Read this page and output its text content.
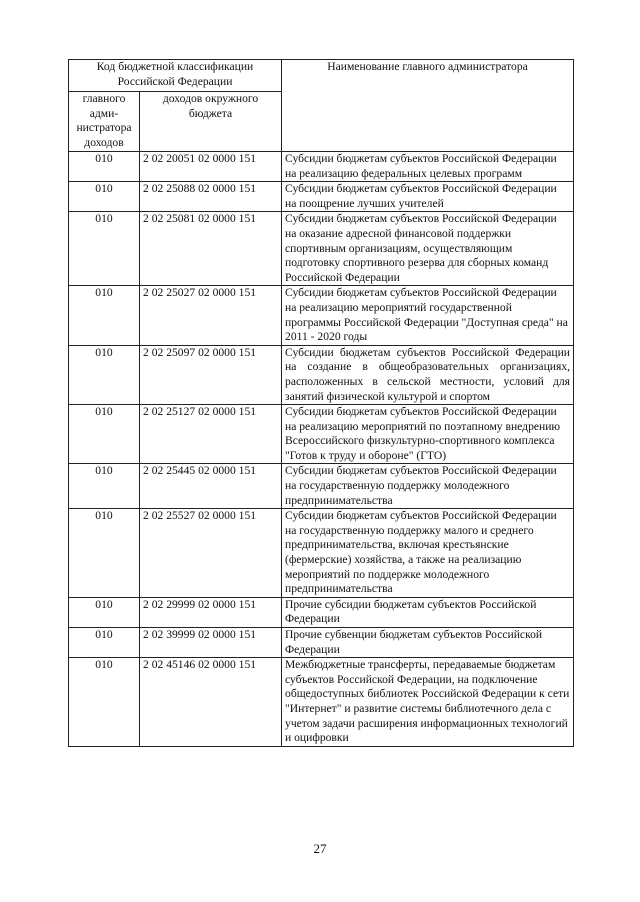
Код бюджетной классификации Российской Федерации		Наименование главного администратора
главного адми-нистратора доходов	доходов окружного бюджета	
010	2 02 20051 02 0000 151	Субсидии бюджетам субъектов Российской Федерации на реализацию федеральных целевых программ
010	2 02 25088 02 0000 151	Субсидии бюджетам субъектов Российской Федерации на поощрение лучших учителей
010	2 02 25081 02 0000 151	Субсидии бюджетам субъектов Российской Федерации на оказание адресной финансовой поддержки спортивным организациям, осуществляющим подготовку спортивного резерва для сборных команд Российской Федерации
010	2 02 25027 02 0000 151	Субсидии бюджетам субъектов Российской Федерации на реализацию мероприятий государственной программы Российской Федерации "Доступная среда" на 2011 - 2020 годы
010	2 02 25097 02 0000 151	Субсидии бюджетам субъектов Российской Федерации на создание в общеобразовательных организациях, расположенных в сельской местности, условий для занятий физической культурой и спортом
010	2 02 25127 02 0000 151	Субсидии бюджетам субъектов Российской Федерации на реализацию мероприятий по поэтапному внедрению Всероссийского физкультурно-спортивного комплекса "Готов к труду и обороне" (ГТО)
010	2 02 25445 02 0000 151	Субсидии бюджетам субъектов Российской Федерации на государственную поддержку молодежного предпринимательства
010	2 02 25527 02 0000 151	Субсидии бюджетам субъектов Российской Федерации на государственную поддержку малого и среднего предпринимательства, включая крестьянские (фермерские) хозяйства, а также на реализацию мероприятий по поддержке молодежного предпринимательства
010	2 02 29999 02 0000 151	Прочие субсидии бюджетам субъектов Российской Федерации
010	2 02 39999 02 0000 151	Прочие субвенции бюджетам субъектов Российской Федерации
010	2 02 45146 02 0000 151	Межбюджетные трансферты, передаваемые бюджетам субъектов Российской Федерации, на подключение общедоступных библиотек Российской Федерации к сети "Интернет" и развитие системы библиотечного дела с учетом задачи расширения информационных технологий и оцифровки
27
